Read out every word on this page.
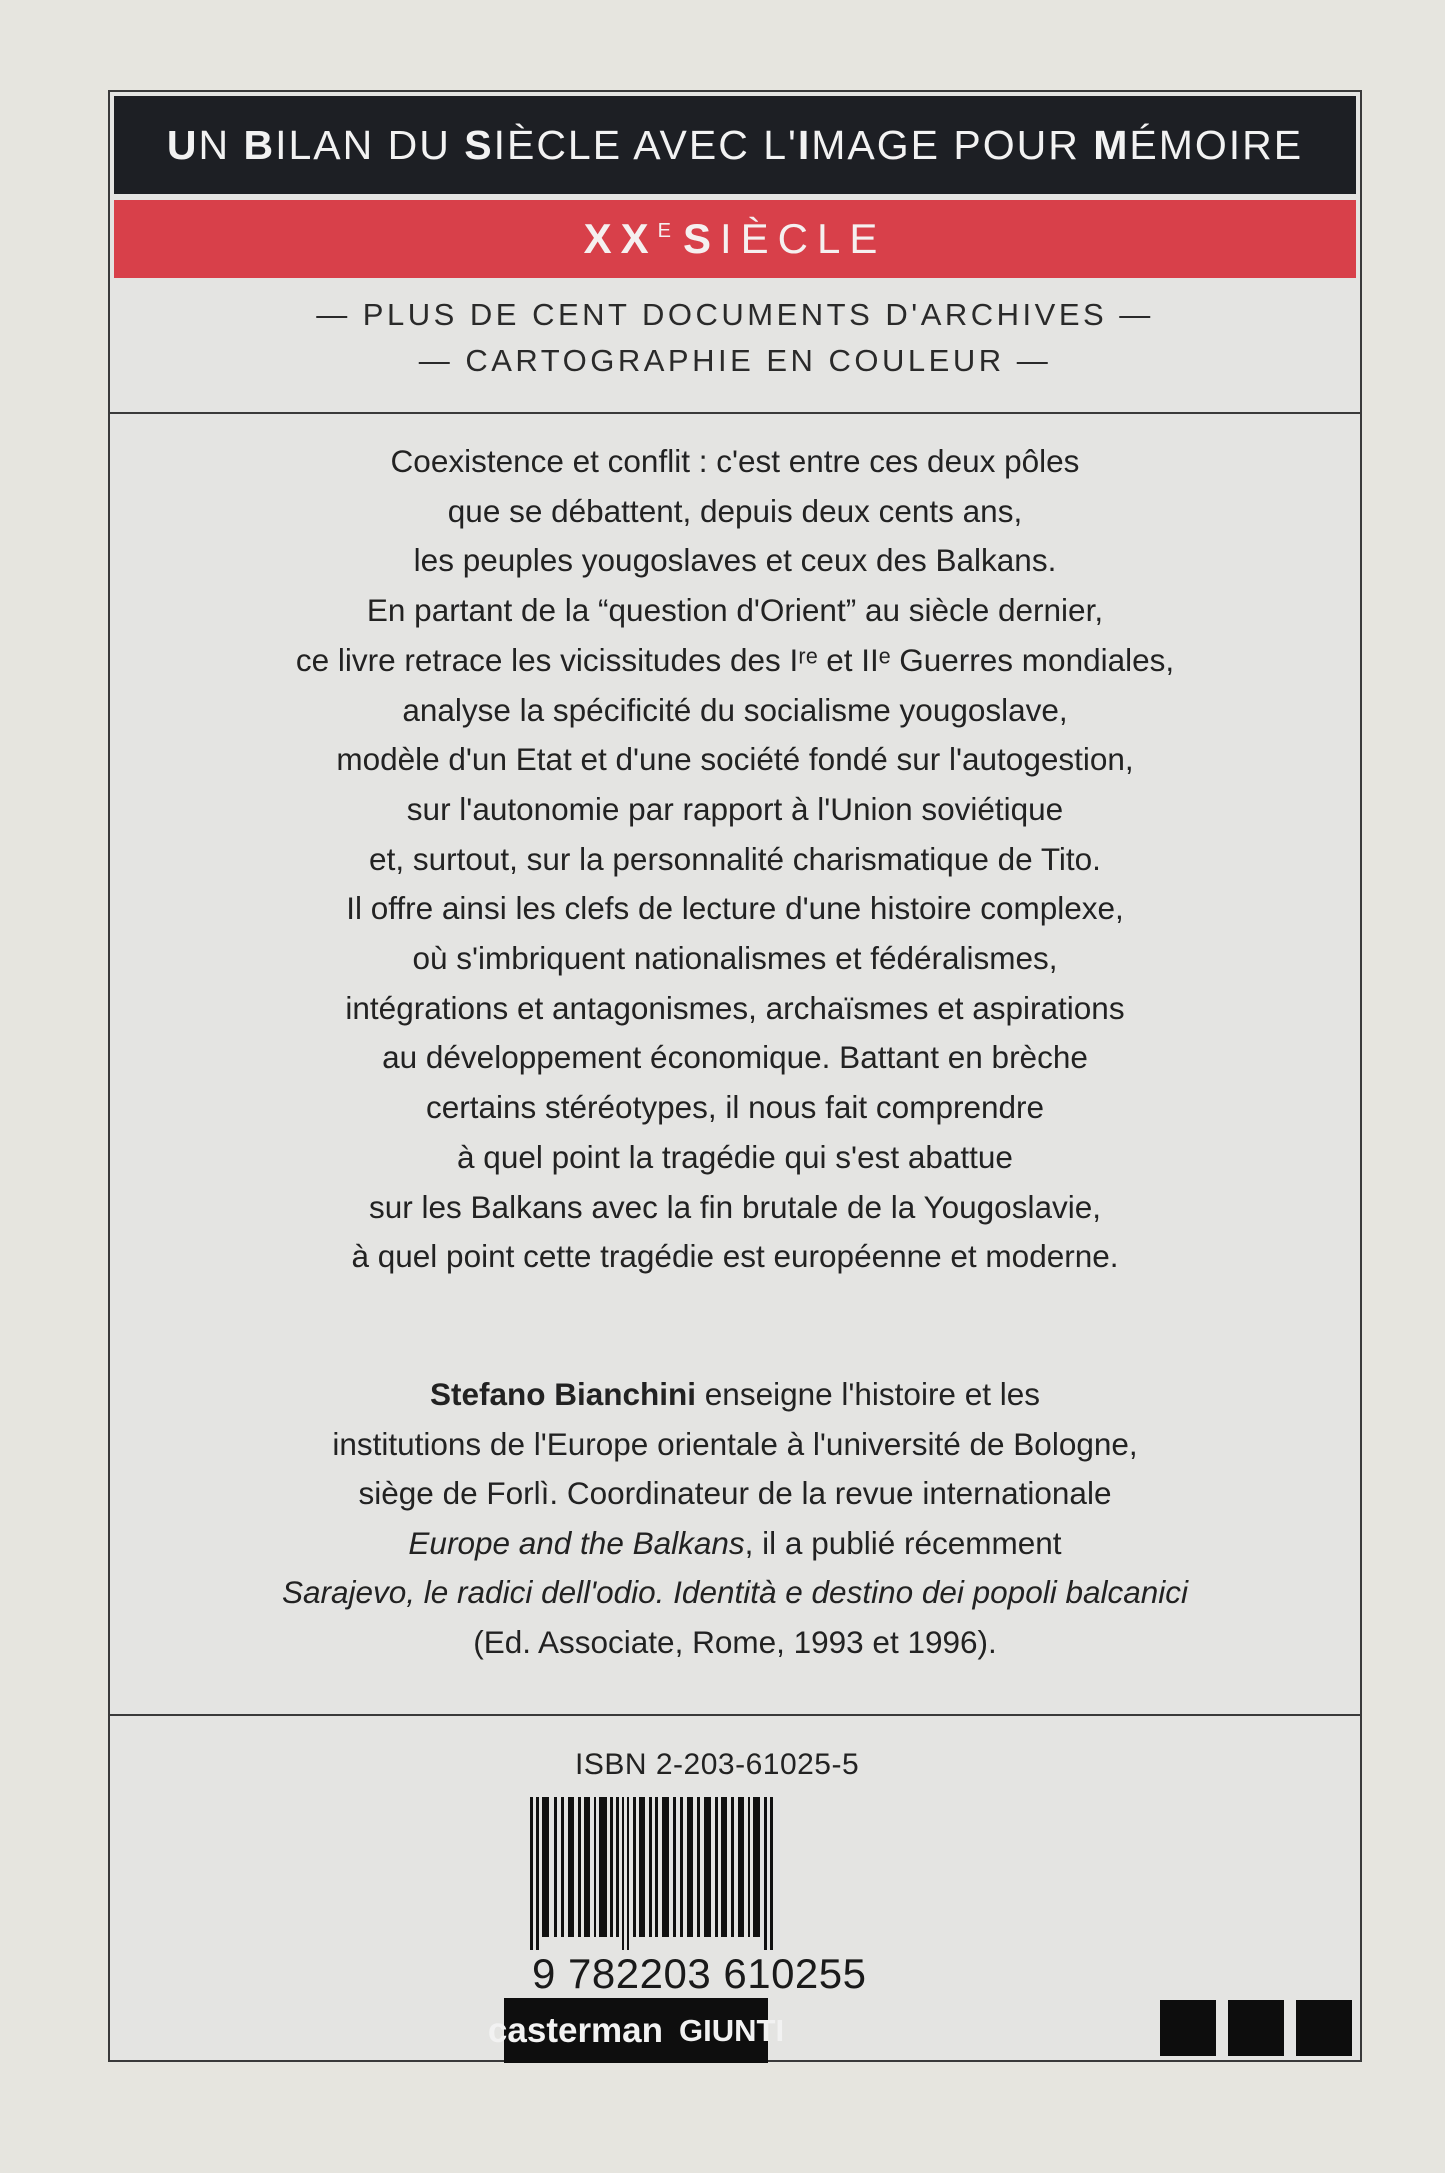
UN BILAN DU SIÈCLE AVEC L'IMAGE POUR MÉMOIRE
$XX^E$ SIÈCLE
— PLUS DE CENT DOCUMENTS D'ARCHIVES —
— CARTOGRAPHIE EN COULEUR —
Coexistence et conflit : c'est entre ces deux pôles
que se débattent, depuis deux cents ans,
les peuples yougoslaves et ceux des Balkans.
En partant de la “question d'Orient” au siècle dernier,
ce livre retrace les vicissitudes des Iʳᵉ et IIᵉ Guerres mondiales,
analyse la spécificité du socialisme yougoslave,
modèle d'un Etat et d'une société fondé sur l'autogestion,
sur l'autonomie par rapport à l'Union soviétique
et, surtout, sur la personnalité charismatique de Tito.
Il offre ainsi les clefs de lecture d'une histoire complexe,
où s'imbriquent nationalismes et fédéralismes,
intégrations et antagonismes, archaïsmes et aspirations
au développement économique. Battant en brèche
certains stéréotypes, il nous fait comprendre
à quel point la tragédie qui s'est abattue
sur les Balkans avec la fin brutale de la Yougoslavie,
à quel point cette tragédie est européenne et moderne.
Stefano Bianchini enseigne l'histoire et les
institutions de l'Europe orientale à l'université de Bologne,
siège de Forlì. Coordinateur de la revue internationale
Europe and the Balkans, il a publié récemment
Sarajevo, le radici dell'odio. Identità e destino dei popoli balcanici
(Ed. Associate, Rome, 1993 et 1996).
ISBN 2-203-61025-5
9 782203 610255
casterman GIUNTI
